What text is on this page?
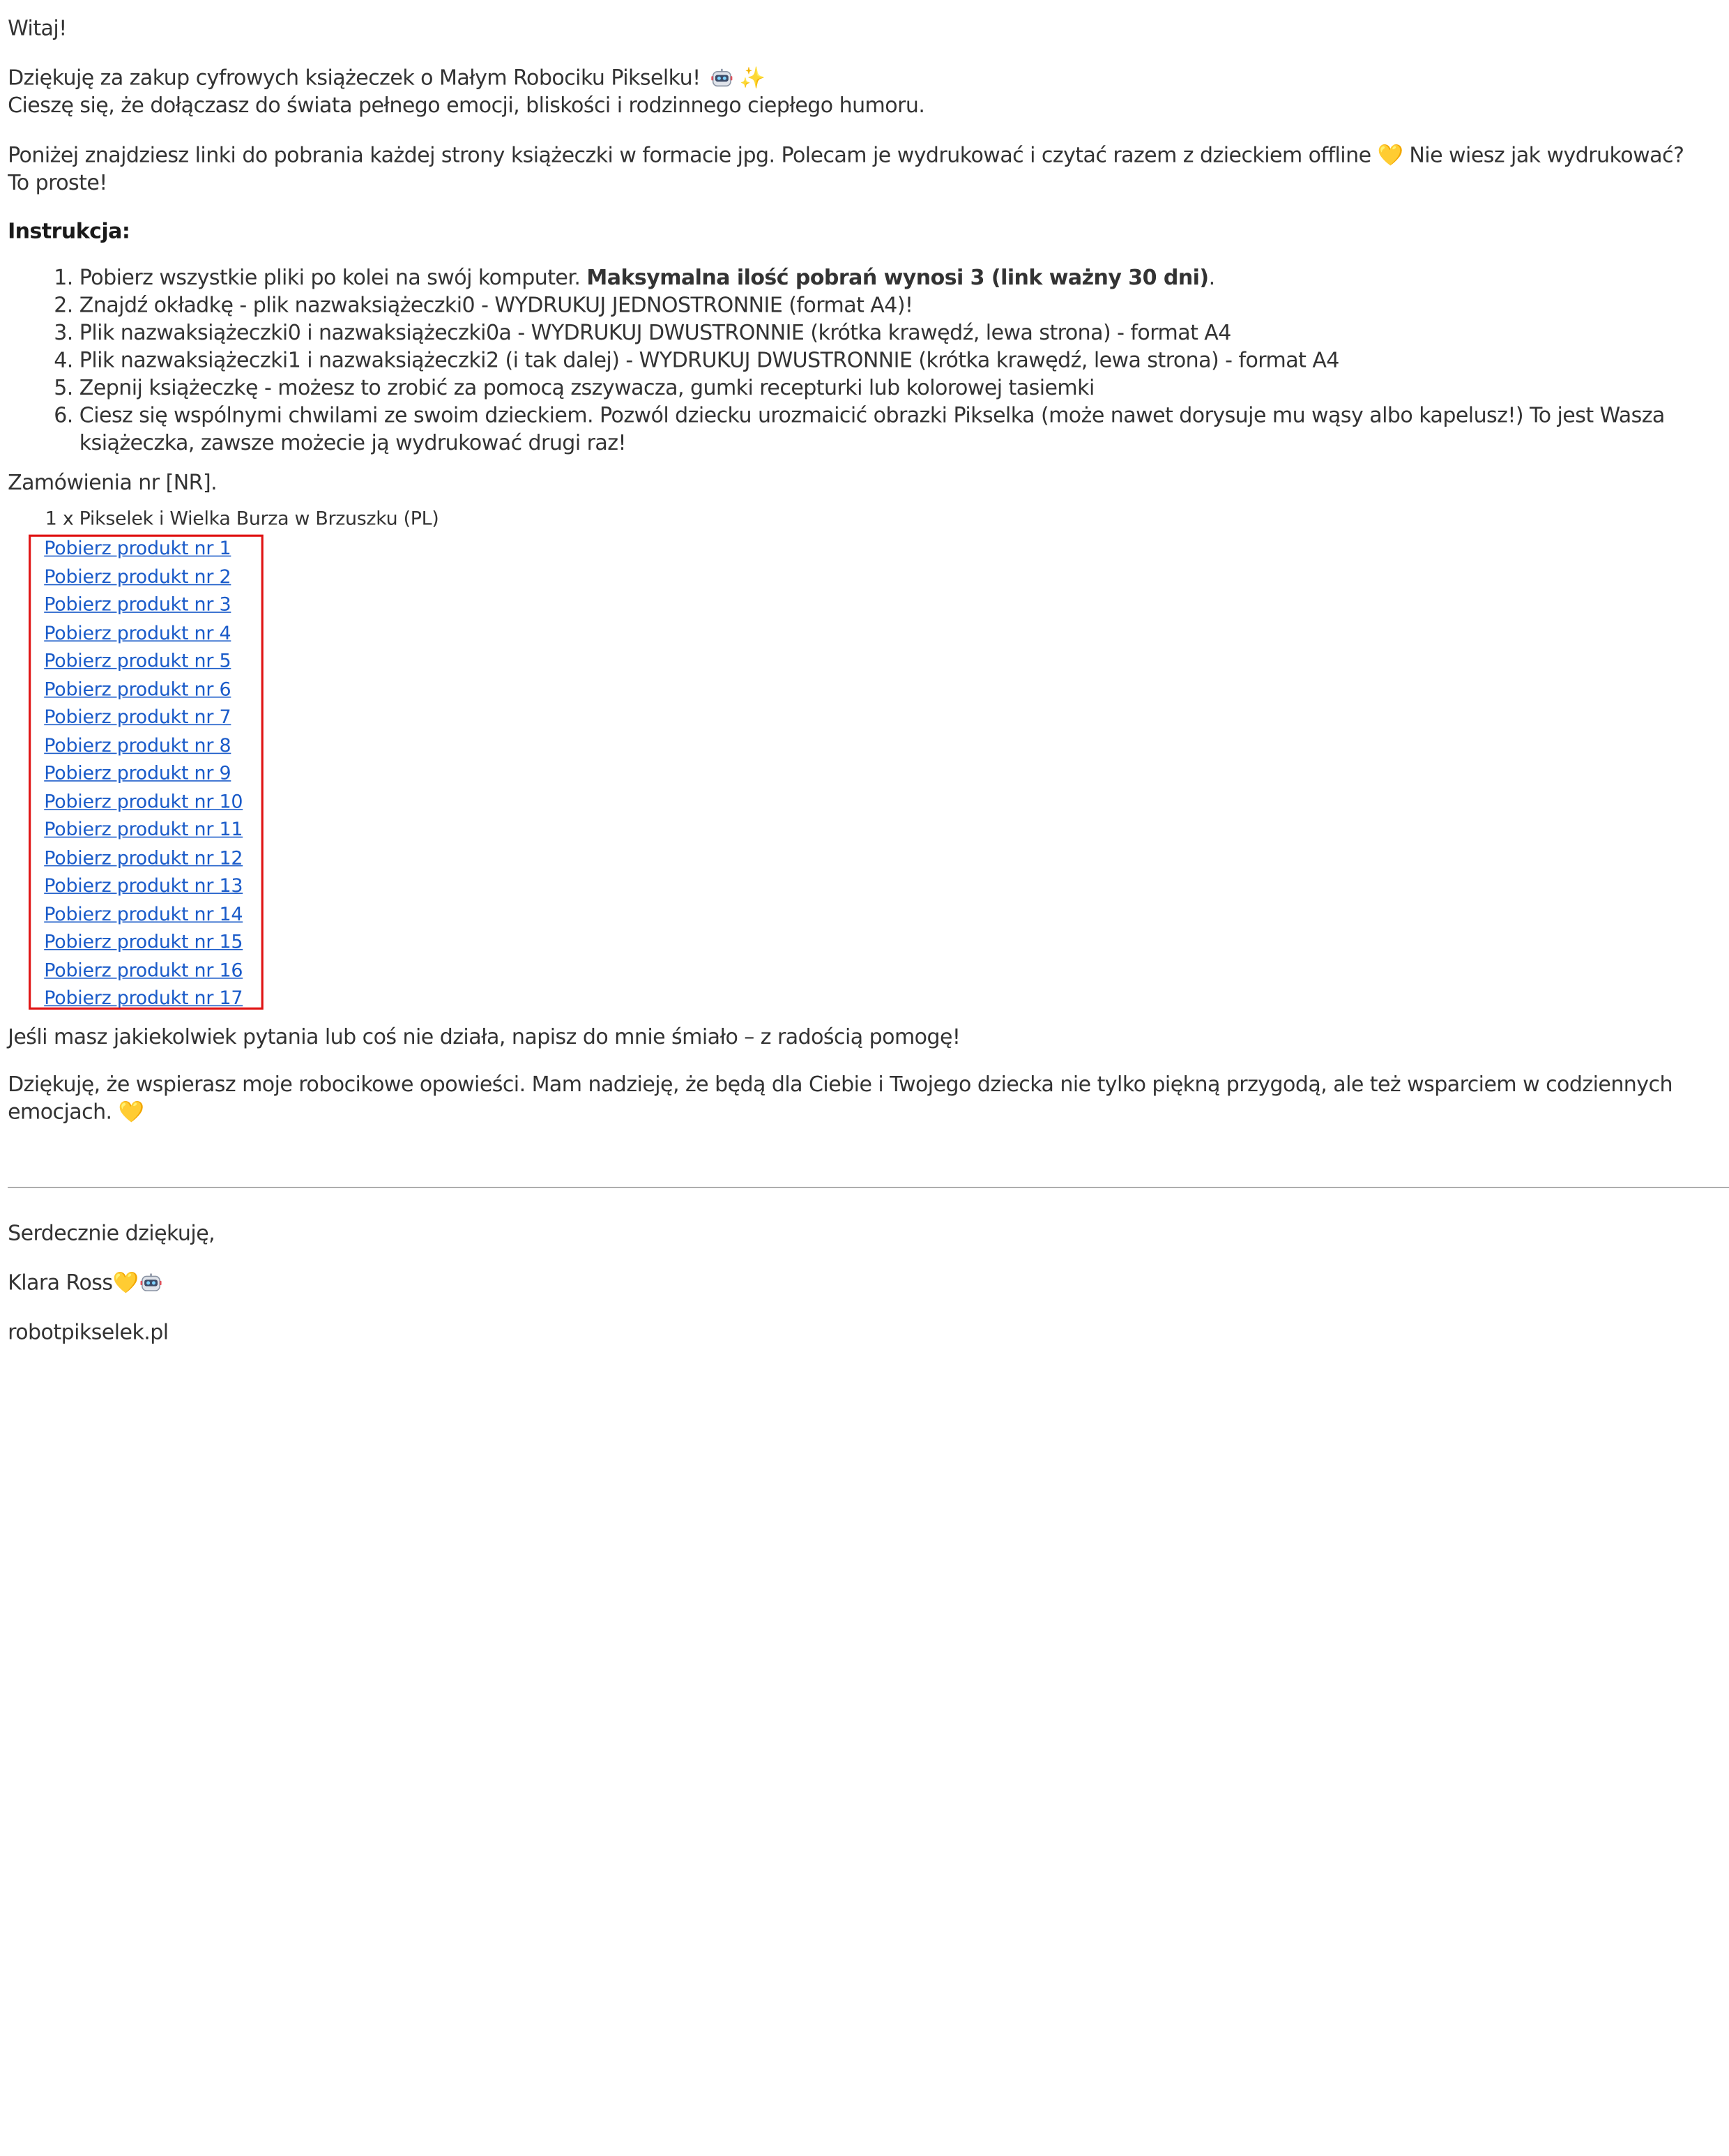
Witaj!
Dziękuję za zakup cyfrowych książeczek o Małym Robociku Pikselku!	✨
Cieszę się, że dołączasz do świata pełnego emocji, bliskości i rodzinnego ciepłego humoru.
Poniżej znajdziesz linki do pobrania każdej strony książeczki w formacie jpg. Polecam je wydrukować i czytać razem z dzieckiem offline 💛 Nie wiesz jak wydrukować? To proste!
Instrukcja:
1. Pobierz wszystkie pliki po kolei na swój komputer. Maksymalna ilość pobrań wynosi 3 (link ważny 30 dni).
2. Znajdź okładkę - plik nazwaksiążeczki0 - WYDRUKUJ JEDNOSTRONNIE (format A4)!
3. Plik nazwaksiążeczki0 i nazwaksiążeczki0a - WYDRUKUJ DWUSTRONNIE (krótka krawędź, lewa strona) - format A4
4. Plik nazwaksiążeczki1 i nazwaksiążeczki2 (i tak dalej) - WYDRUKUJ DWUSTRONNIE (krótka krawędź, lewa strona) - format A4
5. Zepnij książeczkę - możesz to zrobić za pomocą zszywacza, gumki recepturki lub kolorowej tasiemki
6. Ciesz się wspólnymi chwilami ze swoim dzieckiem. Pozwól dziecku urozmaicić obrazki Pikselka (może nawet dorysuje mu wąsy albo kapelusz!) To jest Wasza książeczka, zawsze możecie ją wydrukować drugi raz!
Zamówienia nr [NR].
1 x Pikselek i Wielka Burza w Brzuszku (PL)
Pobierz produkt nr 1
Pobierz produkt nr 2
Pobierz produkt nr 3
Pobierz produkt nr 4
Pobierz produkt nr 5
Pobierz produkt nr 6
Pobierz produkt nr 7
Pobierz produkt nr 8
Pobierz produkt nr 9
Pobierz produkt nr 10
Pobierz produkt nr 11
Pobierz produkt nr 12
Pobierz produkt nr 13
Pobierz produkt nr 14
Pobierz produkt nr 15
Pobierz produkt nr 16
Pobierz produkt nr 17
Jeśli masz jakiekolwiek pytania lub coś nie działa, napisz do mnie śmiało – z radością pomogę!
Dziękuję, że wspierasz moje robocikowe opowieści. Mam nadzieję, że będą dla Ciebie i Twojego dziecka nie tylko piękną przygodą, ale też wsparciem w codziennych emocjach. 💛
Serdecznie dziękuję,
Klara Ross💛
robotpikselek.pl
